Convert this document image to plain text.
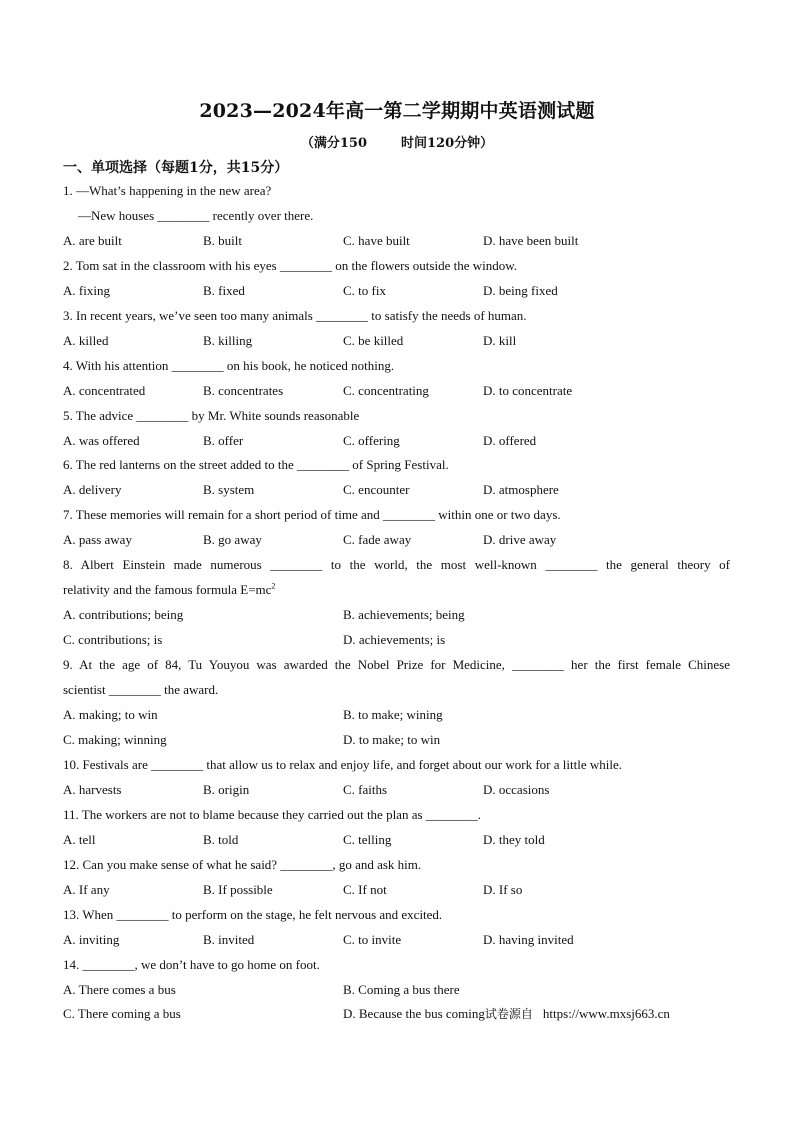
2023—2024年高一第二学期期中英语测试题
（满分150	时间120分钟）
一、单项选择（每题1分，共15分）
1. —What’s happening in the new area?
—New houses ________ recently over there.
A. are built	B. built	C. have built	D. have been built
2. Tom sat in the classroom with his eyes ________ on the flowers outside the window.
A. fixing	B. fixed	C. to fix	D. being fixed
3. In recent years, we’ve seen too many animals ________ to satisfy the needs of human.
A. killed	B. killing	C. be killed	D. kill
4. With his attention ________ on his book, he noticed nothing.
A. concentrated	B. concentrates	C. concentrating	D. to concentrate
5. The advice ________ by Mr. White sounds reasonable
A. was offered	B. offer	C. offering	D. offered
6. The red lanterns on the street added to the ________ of Spring Festival.
A. delivery	B. system	C. encounter	D. atmosphere
7. These memories will remain for a short period of time and ________ within one or two days.
A. pass away	B. go away	C. fade away	D. drive away
8. Albert Einstein made numerous ________ to the world, the most well-known ________ the general theory of
relativity and the famous formula $E=mc^2$
A. contributions; being	B. achievements; being
C. contributions; is	D. achievements; is
9. At the age of 84, Tu Youyou was awarded the Nobel Prize for Medicine, ________ her the first female Chinese
scientist ________ the award.
A. making; to win	B. to make; wining
C. making; winning	D. to make; to win
10. Festivals are ________ that allow us to relax and enjoy life, and forget about our work for a little while.
A. harvests	B. origin	C. faiths	D. occasions
11. The workers are not to blame because they carried out the plan as ________.
A. tell	B. told	C. telling	D. they told
12. Can you make sense of what he said? ________, go and ask him.
A. If any	B. If possible	C. If not	D. If so
13. When ________ to perform on the stage, he felt nervous and excited.
A. inviting	B. invited	C. to invite	D. having invited
14. ________, we don’t have to go home on foot.
A. There comes a bus	B. Coming a bus there
C. There coming a bus	D. Because the bus coming试卷源自 https://www.mxsj663.cn
